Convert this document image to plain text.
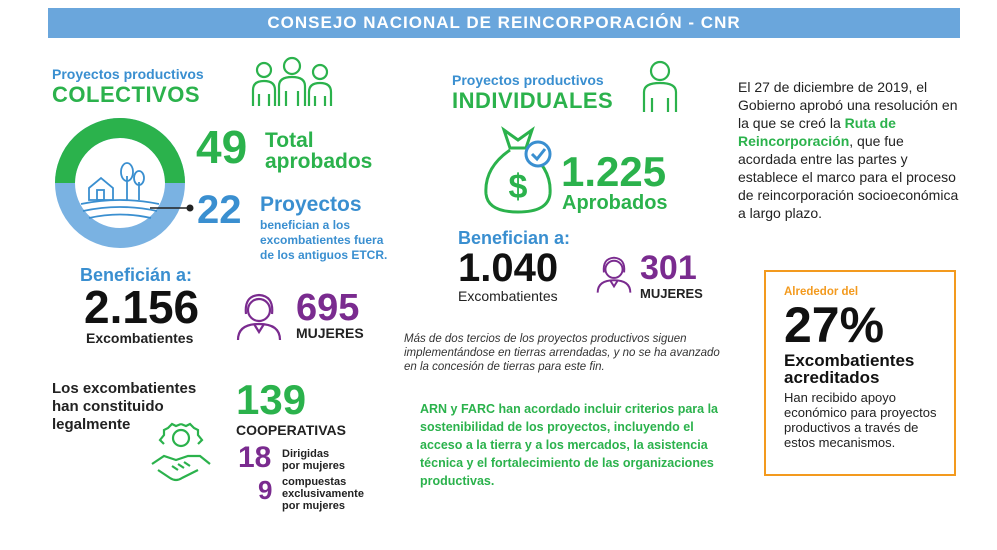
CONSEJO NACIONAL DE REINCORPORACIÓN - CNR
Proyectos productivos
COLECTIVOS
49 Total
aprobados
22 Proyectos
benefician a los
excombatientes fuera
de los antiguos ETCR.
Beneficián a:
2.156
Excombatientes
695
MUJERES
Proyectos productivos
INDIVIDUALES
$ 1.225
Aprobados
Benefician a:
1.040
Excombatientes
301
MUJERES
Más de dos tercios de los proyectos productivos siguen implementándose en tierras arrendadas, y no se ha avanzado en la concesión de tierras para este fin.
El 27 de diciembre de 2019, el Gobierno aprobó una resolución en la que se creó la Ruta de Reincorporación, que fue acordada entre las partes y establece el marco para el proceso de reincorporación socioeconómica a largo plazo.
Alrededor del
27%
Excombatientes
acreditados
Han recibido apoyo económico para proyectos productivos a través de estos mecanismos.
Los excombatientes han constituido legalmente
139
COOPERATIVAS
18 Dirigidas
por mujeres
9 compuestas
exclusivamente
por mujeres
ARN y FARC han acordado incluir criterios para la sostenibilidad de los proyectos, incluyendo el acceso a la tierra y a los mercados, la asistencia técnica y el fortalecimiento de las organizaciones productivas.
